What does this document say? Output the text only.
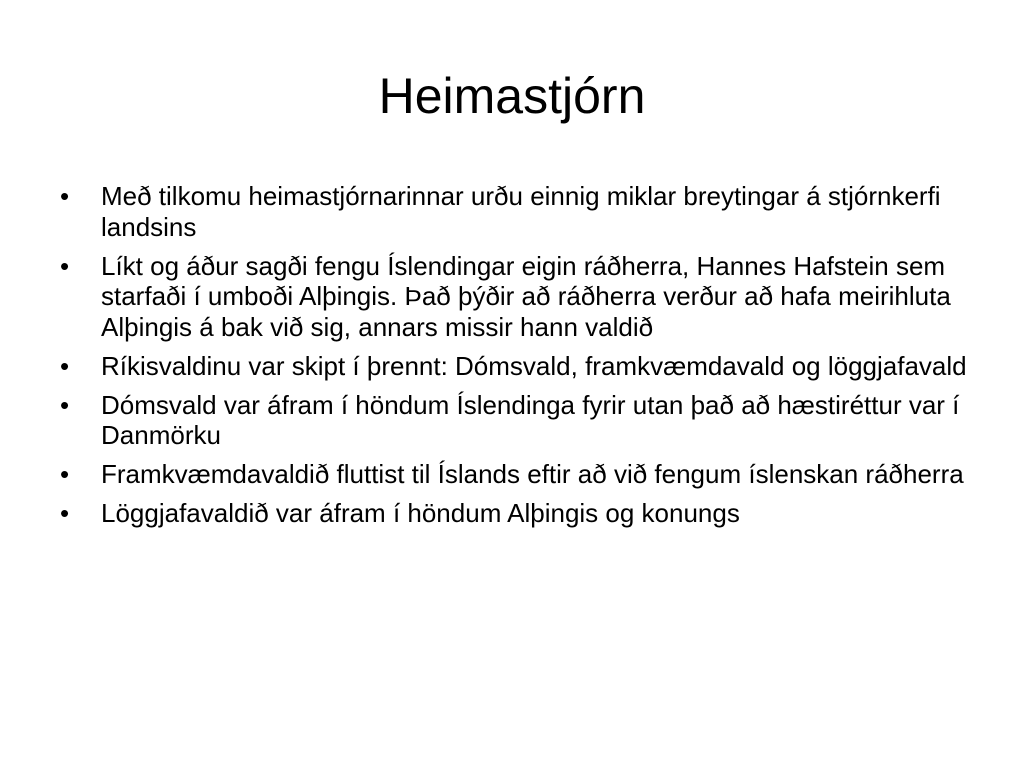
Heimastjórn
• Með tilkomu heimastjórnarinnar urðu einnig miklar breytingar á stjórnkerfi landsins
• Líkt og áður sagði fengu Íslendingar eigin ráðherra, Hannes Hafstein sem starfaði í umboði Alþingis. Það þýðir að ráðherra verður að hafa meirihluta Alþingis á bak við sig, annars missir hann valdið
• Ríkisvaldinu var skipt í þrennt: Dómsvald, framkvæmdavald og löggjafavald
• Dómsvald var áfram í höndum Íslendinga fyrir utan það að hæstiréttur var í Danmörku
• Framkvæmdavaldið fluttist til Íslands eftir að við fengum íslenskan ráðherra
• Löggjafavaldið var áfram í höndum Alþingis og konungs
